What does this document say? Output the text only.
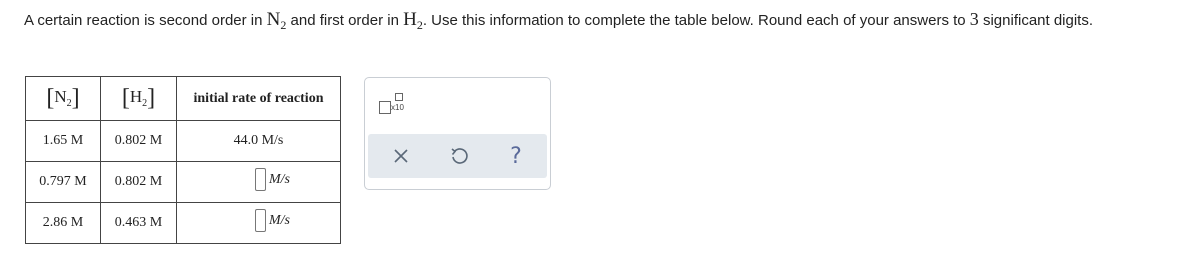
A certain reaction is second order in $N_2$ and first order in $H_2$. Use this information to complete the table below. Round each of your answers to 3 significant digits.
$[N_2]$	$[H_2]$	initial rate of reaction
1.65 M	0.802 M	44.0 M/s
0.797 M	0.802 M	M/s

2.86 M	0.463 M	M/s
x10
?
